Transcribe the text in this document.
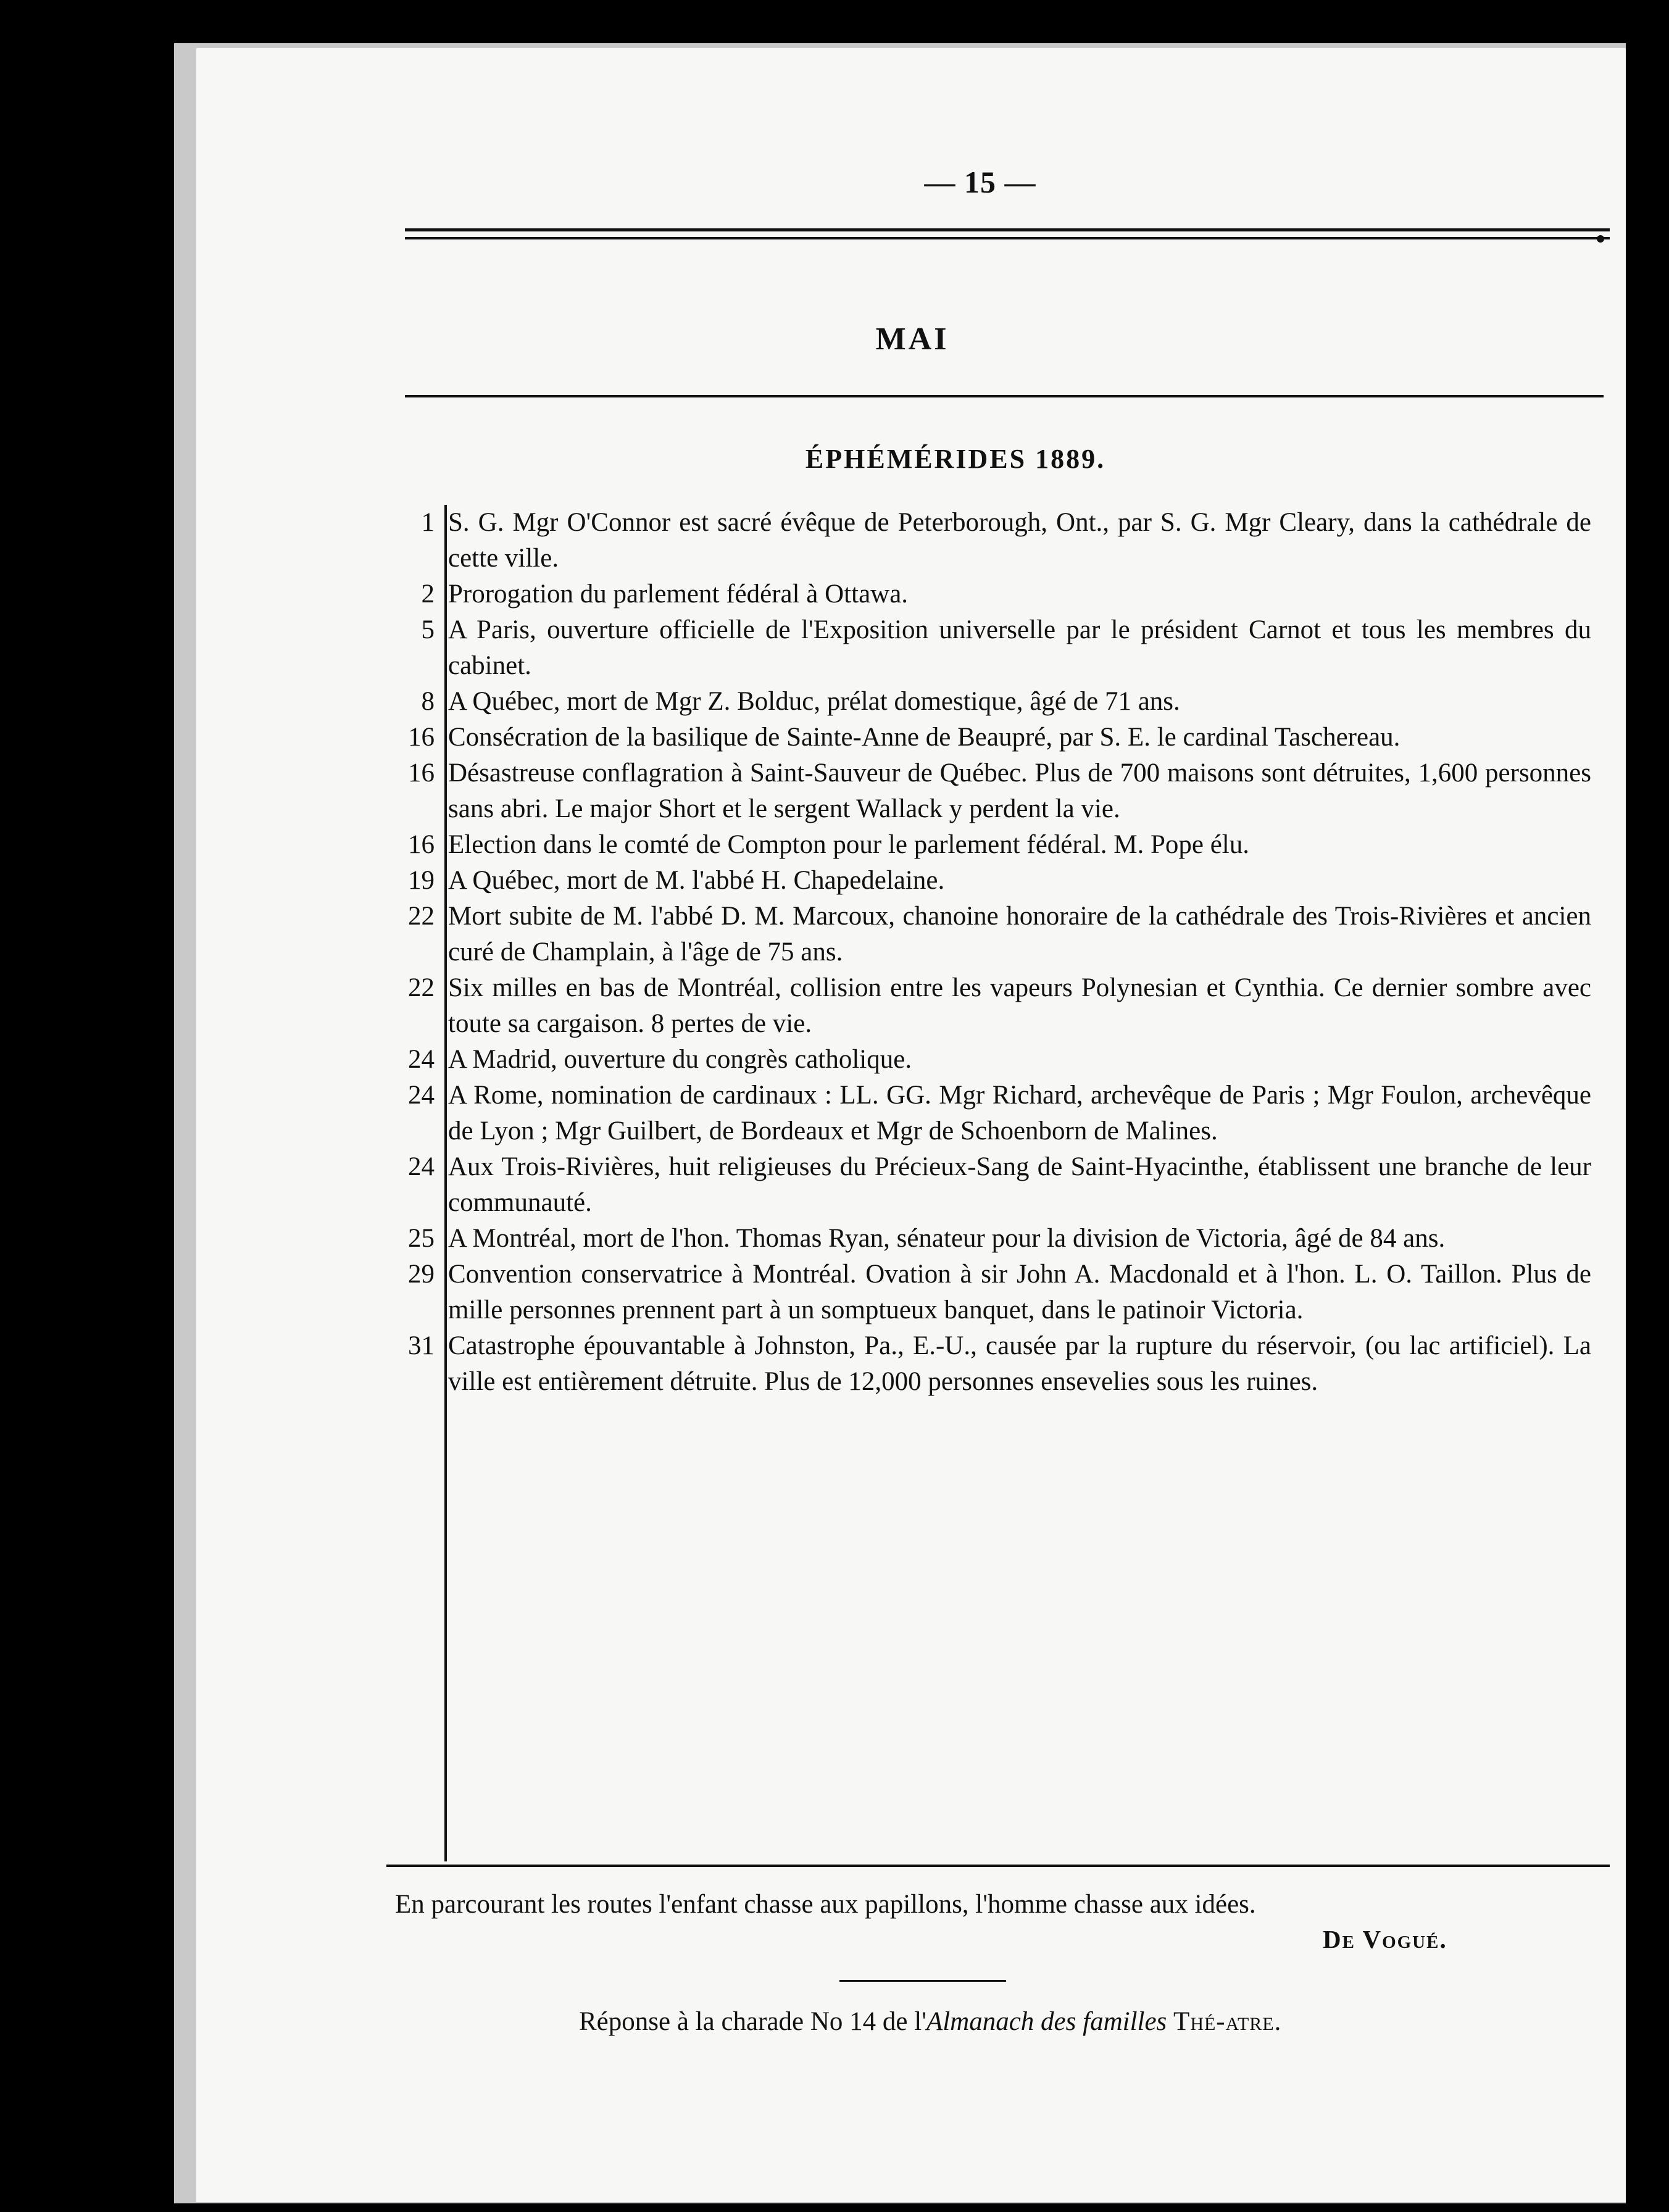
— 15 —
MAI
ÉPHÉMÉRIDES 1889.
1 S. G. Mgr O'Connor est sacré évêque de Peterborough, Ont., par S. G. Mgr Cleary, dans la cathédrale de cette ville.
2 Prorogation du parlement fédéral à Ottawa.
5 A Paris, ouverture officielle de l'Exposition universelle par le président Carnot et tous les membres du cabinet.
8 A Québec, mort de Mgr Z. Bolduc, prélat domestique, âgé de 71 ans.
16 Consécration de la basilique de Sainte-Anne de Beaupré, par S. E. le cardinal Taschereau.
16 Désastreuse conflagration à Saint-Sauveur de Québec. Plus de 700 maisons sont détruites, 1,600 personnes sans abri. Le major Short et le sergent Wallack y perdent la vie.
16 Election dans le comté de Compton pour le parlement fédéral. M. Pope élu.
19 A Québec, mort de M. l'abbé H. Chapedelaine.
22 Mort subite de M. l'abbé D. M. Marcoux, chanoine honoraire de la cathédrale des Trois-Rivières et ancien curé de Champlain, à l'âge de 75 ans.
22 Six milles en bas de Montréal, collision entre les vapeurs Polynesian et Cynthia. Ce dernier sombre avec toute sa cargaison. 8 pertes de vie.
24 A Madrid, ouverture du congrès catholique.
24 A Rome, nomination de cardinaux : LL. GG. Mgr Richard, archevêque de Paris ; Mgr Foulon, archevêque de Lyon ; Mgr Guilbert, de Bordeaux et Mgr de Schoenborn de Malines.
24 Aux Trois-Rivières, huit religieuses du Précieux-Sang de Saint-Hyacinthe, établissent une branche de leur communauté.
25 A Montréal, mort de l'hon. Thomas Ryan, sénateur pour la division de Victoria, âgé de 84 ans.
29 Convention conservatrice à Montréal. Ovation à sir John A. Macdonald et à l'hon. L. O. Taillon. Plus de mille personnes prennent part à un somptueux banquet, dans le patinoir Victoria.
31 Catastrophe épouvantable à Johnston, Pa., E.-U., causée par la rupture du réservoir, (ou lac artificiel). La ville est entièrement détruite. Plus de 12,000 personnes ensevelies sous les ruines.
En parcourant les routes l'enfant chasse aux papillons, l'homme chasse aux idées.
De Vogué.
Réponse à la charade No 14 de l'Almanach des familles Thé-atre.
